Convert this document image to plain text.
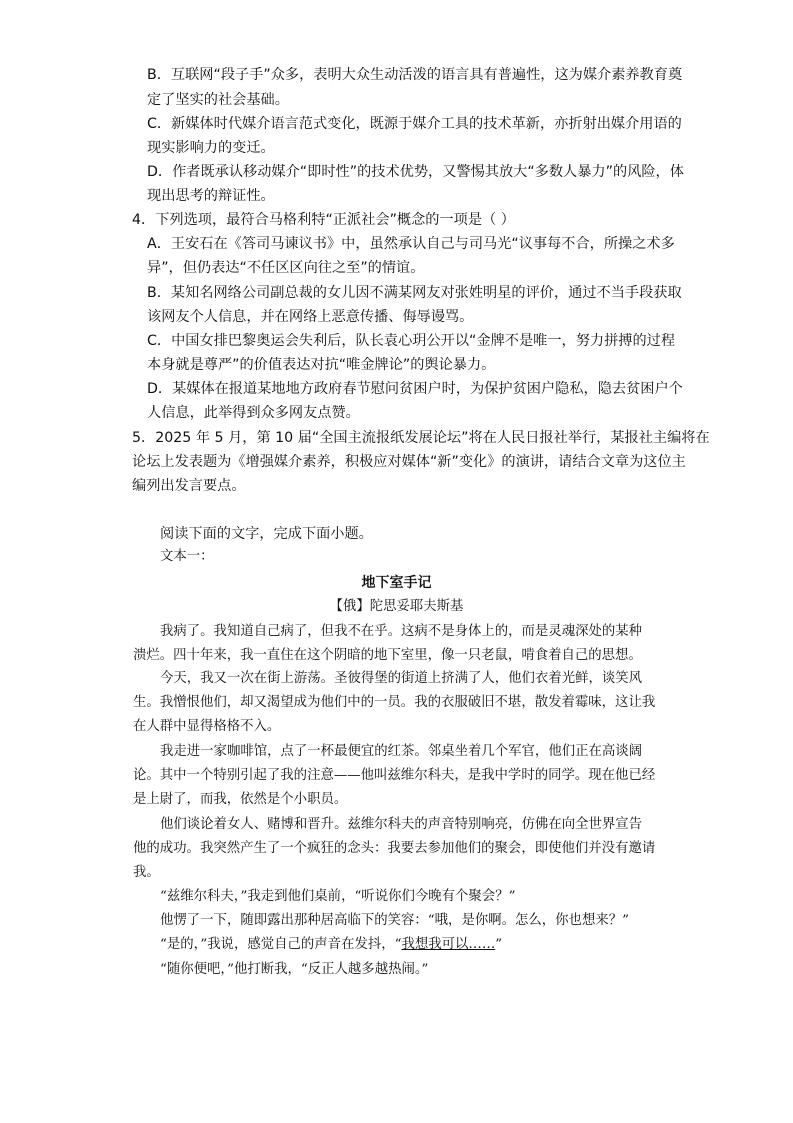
B．互联网“段子手”众多，表明大众生动活泼的语言具有普遍性，这为媒介素养教育奠
定了坚实的社会基础。
C．新媒体时代媒介语言范式变化，既源于媒介工具的技术革新，亦折射出媒介用语的
现实影响力的变迁。
D．作者既承认移动媒介“即时性”的技术优势，又警惕其放大“多数人暴力”的风险，体
现出思考的辩证性。
4．下列选项，最符合马格利特“正派社会”概念的一项是（ ）
A．王安石在《答司马谏议书》中，虽然承认自己与司马光“议事每不合，所操之术多
异”，但仍表达“不任区区向往之至”的情谊。
B．某知名网络公司副总裁的女儿因不满某网友对张姓明星的评价，通过不当手段获取
该网友个人信息，并在网络上恶意传播、侮辱谩骂。
C．中国女排巴黎奥运会失利后，队长袁心玥公开以“金牌不是唯一，努力拼搏的过程
本身就是尊严”的价值表达对抗“唯金牌论”的舆论暴力。
D．某媒体在报道某地地方政府春节慰问贫困户时，为保护贫困户隐私，隐去贫困户个
人信息，此举得到众多网友点赞。
5．2025 年 5 月，第 10 届“全国主流报纸发展论坛”将在人民日报社举行，某报社主编将在
论坛上发表题为《增强媒介素养，积极应对媒体“新”变化》的演讲，请结合文章为这位主
编列出发言要点。
阅读下面的文字，完成下面小题。
文本一：
地下室手记
【俄】陀思妥耶夫斯基
我病了。我知道自己病了，但我不在乎。这病不是身体上的，而是灵魂深处的某种
溃烂。四十年来，我一直住在这个阴暗的地下室里，像一只老鼠，啃食着自己的思想。
今天，我又一次在街上游荡。圣彼得堡的街道上挤满了人，他们衣着光鲜，谈笑风
生。我憎恨他们，却又渴望成为他们中的一员。我的衣服破旧不堪，散发着霉味，这让我
在人群中显得格格不入。
我走进一家咖啡馆，点了一杯最便宜的红茶。邻桌坐着几个军官，他们正在高谈阔
论。其中一个特别引起了我的注意——他叫兹维尔科夫，是我中学时的同学。现在他已经
是上尉了，而我，依然是个小职员。
他们谈论着女人、赌博和晋升。兹维尔科夫的声音特别响亮，仿佛在向全世界宣告
他的成功。我突然产生了一个疯狂的念头：我要去参加他们的聚会，即使他们并没有邀请
我。
“兹维尔科夫，”我走到他们桌前，“听说你们今晚有个聚会？”
他愣了一下，随即露出那种居高临下的笑容：“哦，是你啊。怎么，你也想来？”
“是的，”我说，感觉自己的声音在发抖，“我想我可以……”
“随你便吧，”他打断我，“反正人越多越热闹。”
